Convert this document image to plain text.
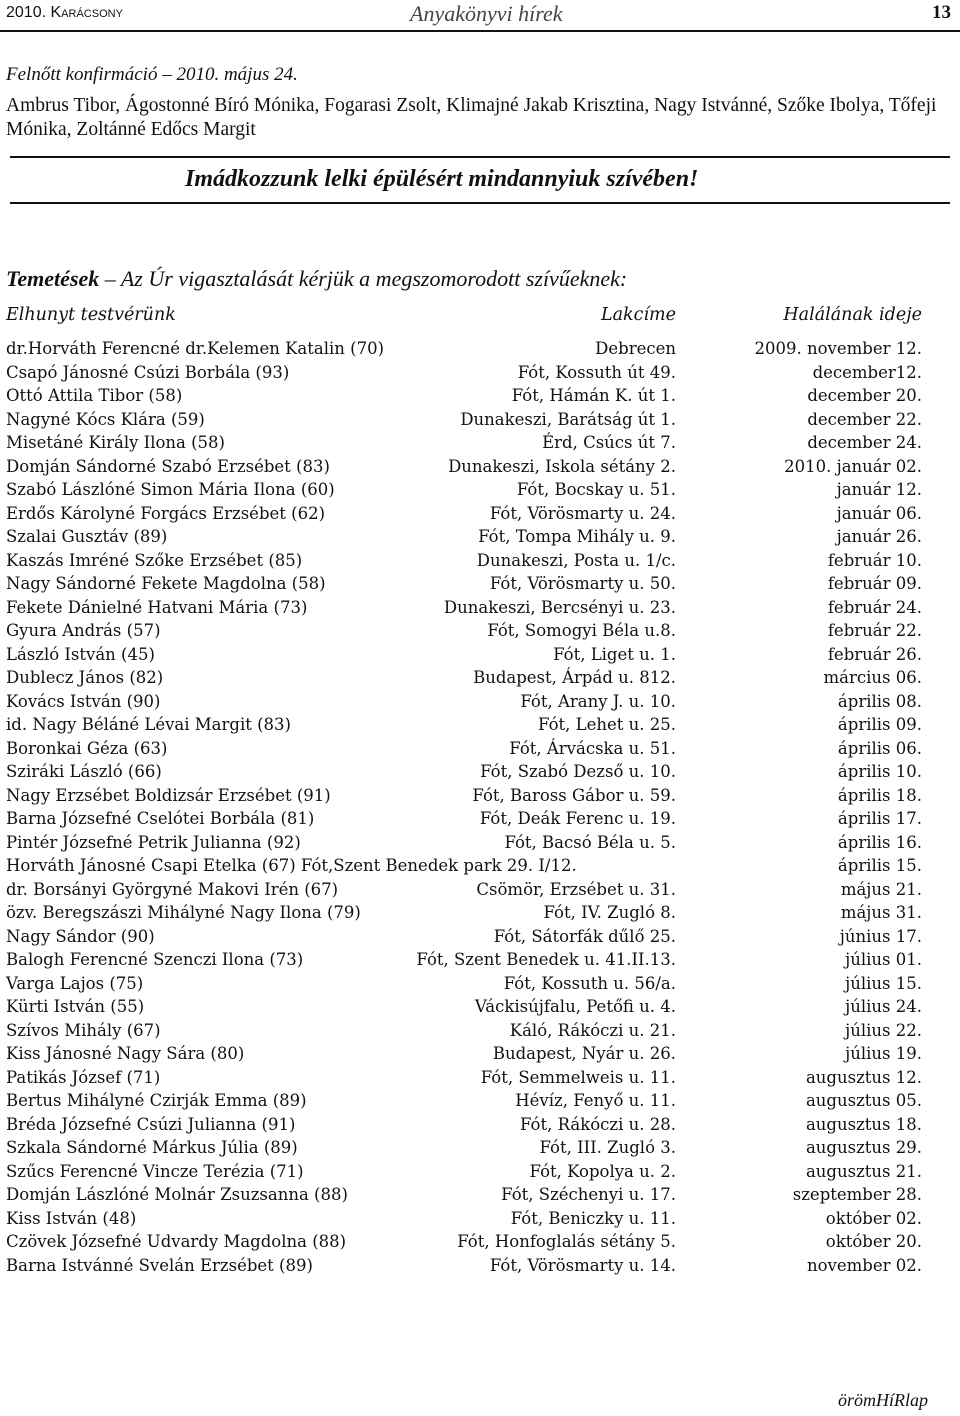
2010. Karácsony	Anyakönyvi hírek	13
Felnőtt konfirmáció – 2010. május 24.
Ambrus Tibor, Ágostonné Bíró Mónika, Fogarasi Zsolt, Klimajné Jakab Krisztina, Nagy Istvánné, Szőke Ibolya, Tőfeji Mónika, Zoltánné Edőcs Margit
Imádkozzunk lelki épülésért mindannyiuk szívében!
Temetések – Az Úr vigasztalását kérjük a megszomorodott szívűeknek:
Elhunyt testvérünk	Lakcíme	Halálának ideje
dr.Horváth Ferencné dr.Kelemen Katalin (70)	Debrecen	2009. november 12.
Csapó Jánosné Csúzi Borbála (93)	Fót, Kossuth út 49.	december12.
Ottó Attila Tibor (58)	Fót, Hámán K. út 1.	december 20.
Nagyné Kócs Klára (59)	Dunakeszi, Barátság út 1.	december 22.
Misetáné Király Ilona (58)	Érd, Csúcs út 7.	december 24.
Domján Sándorné Szabó Erzsébet (83)	Dunakeszi, Iskola sétány 2.	2010. január 02.
Szabó Lászlóné Simon Mária Ilona (60)	Fót, Bocskay u. 51.	január 12.
Erdős Károlyné Forgács Erzsébet (62)	Fót, Vörösmarty u. 24.	január 06.
Szalai Gusztáv (89)	Fót, Tompa Mihály u. 9.	január 26.
Kaszás Imréné Szőke Erzsébet (85)	Dunakeszi, Posta u. 1/c.	február 10.
Nagy Sándorné Fekete Magdolna (58)	Fót, Vörösmarty u. 50.	február 09.
Fekete Dánielné Hatvani Mária (73)	Dunakeszi, Bercsényi u. 23.	február 24.
Gyura András (57)	Fót, Somogyi Béla u.8.	február 22.
László István (45)	Fót, Liget u. 1.	február 26.
Dublecz János (82)	Budapest, Árpád u. 812.	március 06.
Kovács István (90)	Fót, Arany J. u. 10.	április 08.
id. Nagy Béláné Lévai Margit (83)	Fót, Lehet u. 25.	április 09.
Boronkai Géza (63)	Fót, Árvácska u. 51.	április 06.
Sziráki László (66)	Fót, Szabó Dezső u. 10.	április 10.
Nagy Erzsébet Boldizsár Erzsébet (91)	Fót, Baross Gábor u. 59.	április 18.
Barna Józsefné Cselótei Borbála (81)	Fót, Deák Ferenc u. 19.	április 17.
Pintér Józsefné Petrik Julianna (92)	Fót, Bacsó Béla u. 5.	április 16.
Horváth Jánosné Csapi Etelka (67) Fót,Szent Benedek park 29. I/12.	április 15.
dr. Borsányi Györgyné Makovi Irén (67)	Csömör, Erzsébet u. 31.	május 21.
özv. Beregszászi Mihályné Nagy Ilona (79)	Fót, IV. Zugló 8.	május 31.
Nagy Sándor (90)	Fót, Sátorfák dűlő 25.	június 17.
Balogh Ferencné Szenczi Ilona (73)	Fót, Szent Benedek u. 41.II.13.	július 01.
Varga Lajos (75)	Fót, Kossuth u. 56/a.	július 15.
Kürti István (55)	Váckisújfalu, Petőfi u. 4.	július 24.
Szívos Mihály (67)	Káló, Rákóczi u. 21.	július 22.
Kiss Jánosné Nagy Sára (80)	Budapest, Nyár u. 26.	július 19.
Patikás József (71)	Fót, Semmelweis u. 11.	augusztus 12.
Bertus Mihályné Czirják Emma (89)	Hévíz, Fenyő u. 11.	augusztus 05.
Bréda Józsefné Csúzi Julianna (91)	Fót, Rákóczi u. 28.	augusztus 18.
Szkala Sándorné Márkus Júlia (89)	Fót, III. Zugló 3.	augusztus 29.
Szűcs Ferencné Vincze Terézia (71)	Fót, Kopolya u. 2.	augusztus 21.
Domján Lászlóné Molnár Zsuzsanna (88)	Fót, Széchenyi u. 17.	szeptember 28.
Kiss István (48)	Fót, Beniczky u. 11.	október 02.
Czövek Józsefné Udvardy Magdolna (88)	Fót, Honfoglalás sétány 5.	október 20.
Barna Istvánné Svelán Erzsébet (89)	Fót, Vörösmarty u. 14.	november 02.
örömHíRlap
